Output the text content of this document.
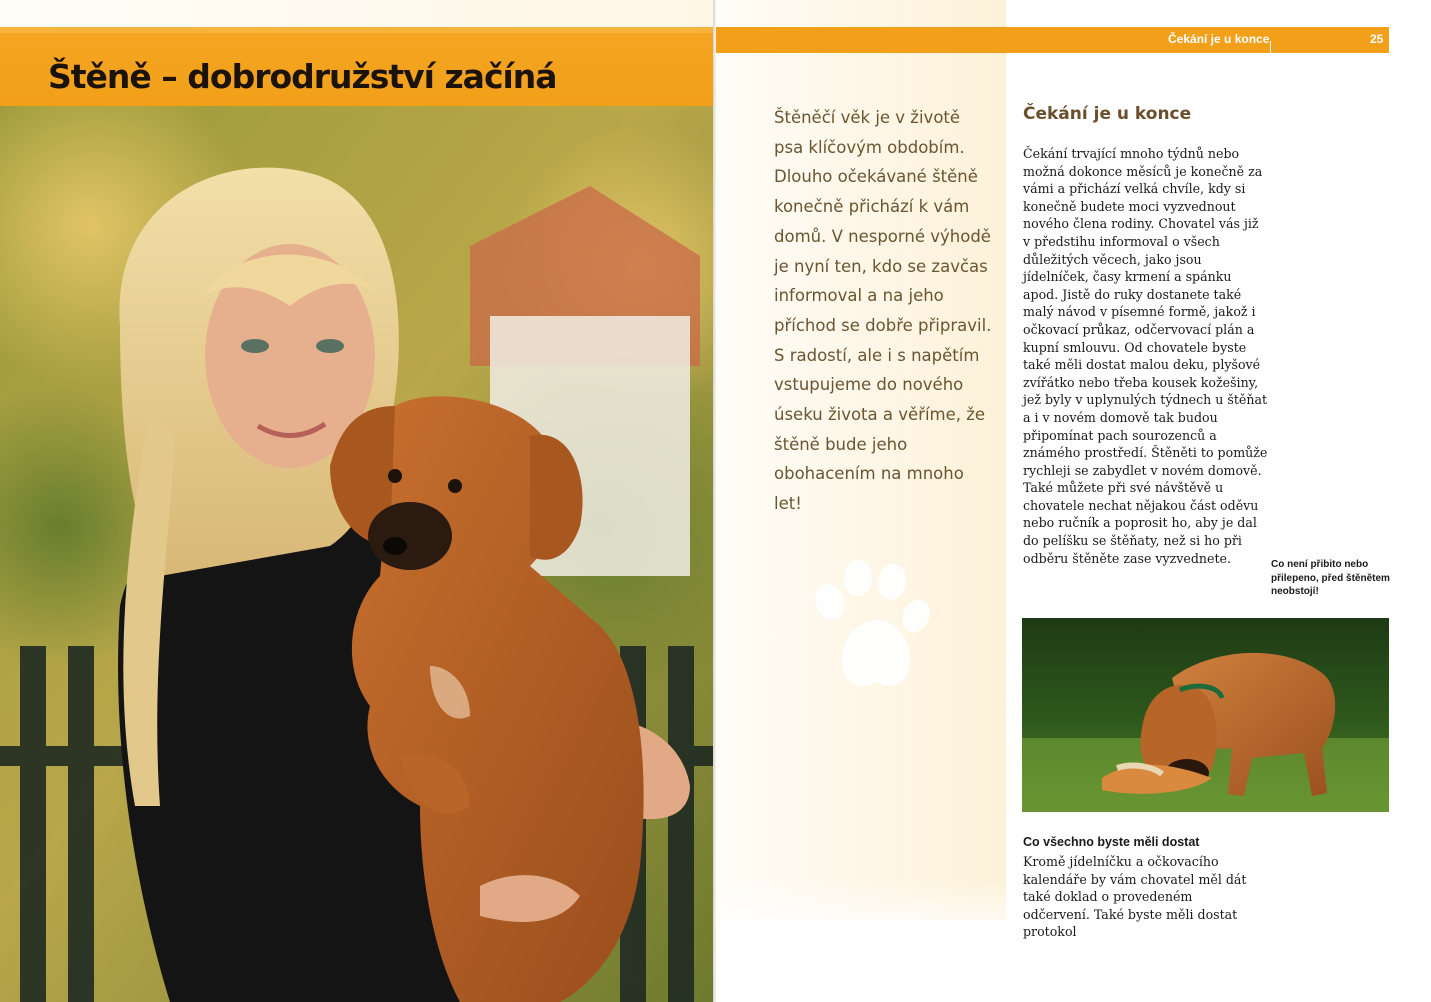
Štěně – dobrodružství začíná
Čekání je u konce	25

Štěněčí věk je v životě psa klíčovým obdobím. Dlouho očekávané štěně konečně přichází k vám domů. V nesporné výhodě je nyní ten, kdo se zavčas informoval a na jeho příchod se dobře připravil. S radostí, ale i s napětím vstupujeme do nového úseku života a věříme, že štěně bude jeho obohacením na mnoho let!

Čekání je u konce

Čekání trvající mnoho týdnů nebo možná dokonce měsíců je konečně za vámi a přichází velká chvíle, kdy si konečně budete moci vyzvednout nového člena rodiny. Chovatel vás již v předstihu informoval o všech důležitých věcech, jako jsou jídelníček, časy krmení a spánku apod. Jistě do ruky dostanete také malý návod v písemné formě, jakož i očkovací průkaz, odčervovací plán a kupní smlouvu. Od chovatele byste také měli dostat malou deku, plyšové zvířátko nebo třeba kousek kožešiny, jež byly v uplynulých týdnech u štěňat a i v novém domově tak budou připomínat pach sourozenců a známého prostředí. Štěněti to pomůže rychleji se zabydlet v novém domově. Také můžete při své návštěvě u chovatele nechat nějakou část oděvu nebo ručník a poprosit ho, aby je dal do pelíšku se štěňaty, než si ho při odběru štěněte zase vyzvednete.	Co není přibito nebo přilepeno, před štěnětem neobstojí!

Co všechno byste měli dostat

Kromě jídelníčku a očkovacího kalendáře by vám chovatel měl dát také doklad o provedeném odčervení. Také byste měli dostat protokol
